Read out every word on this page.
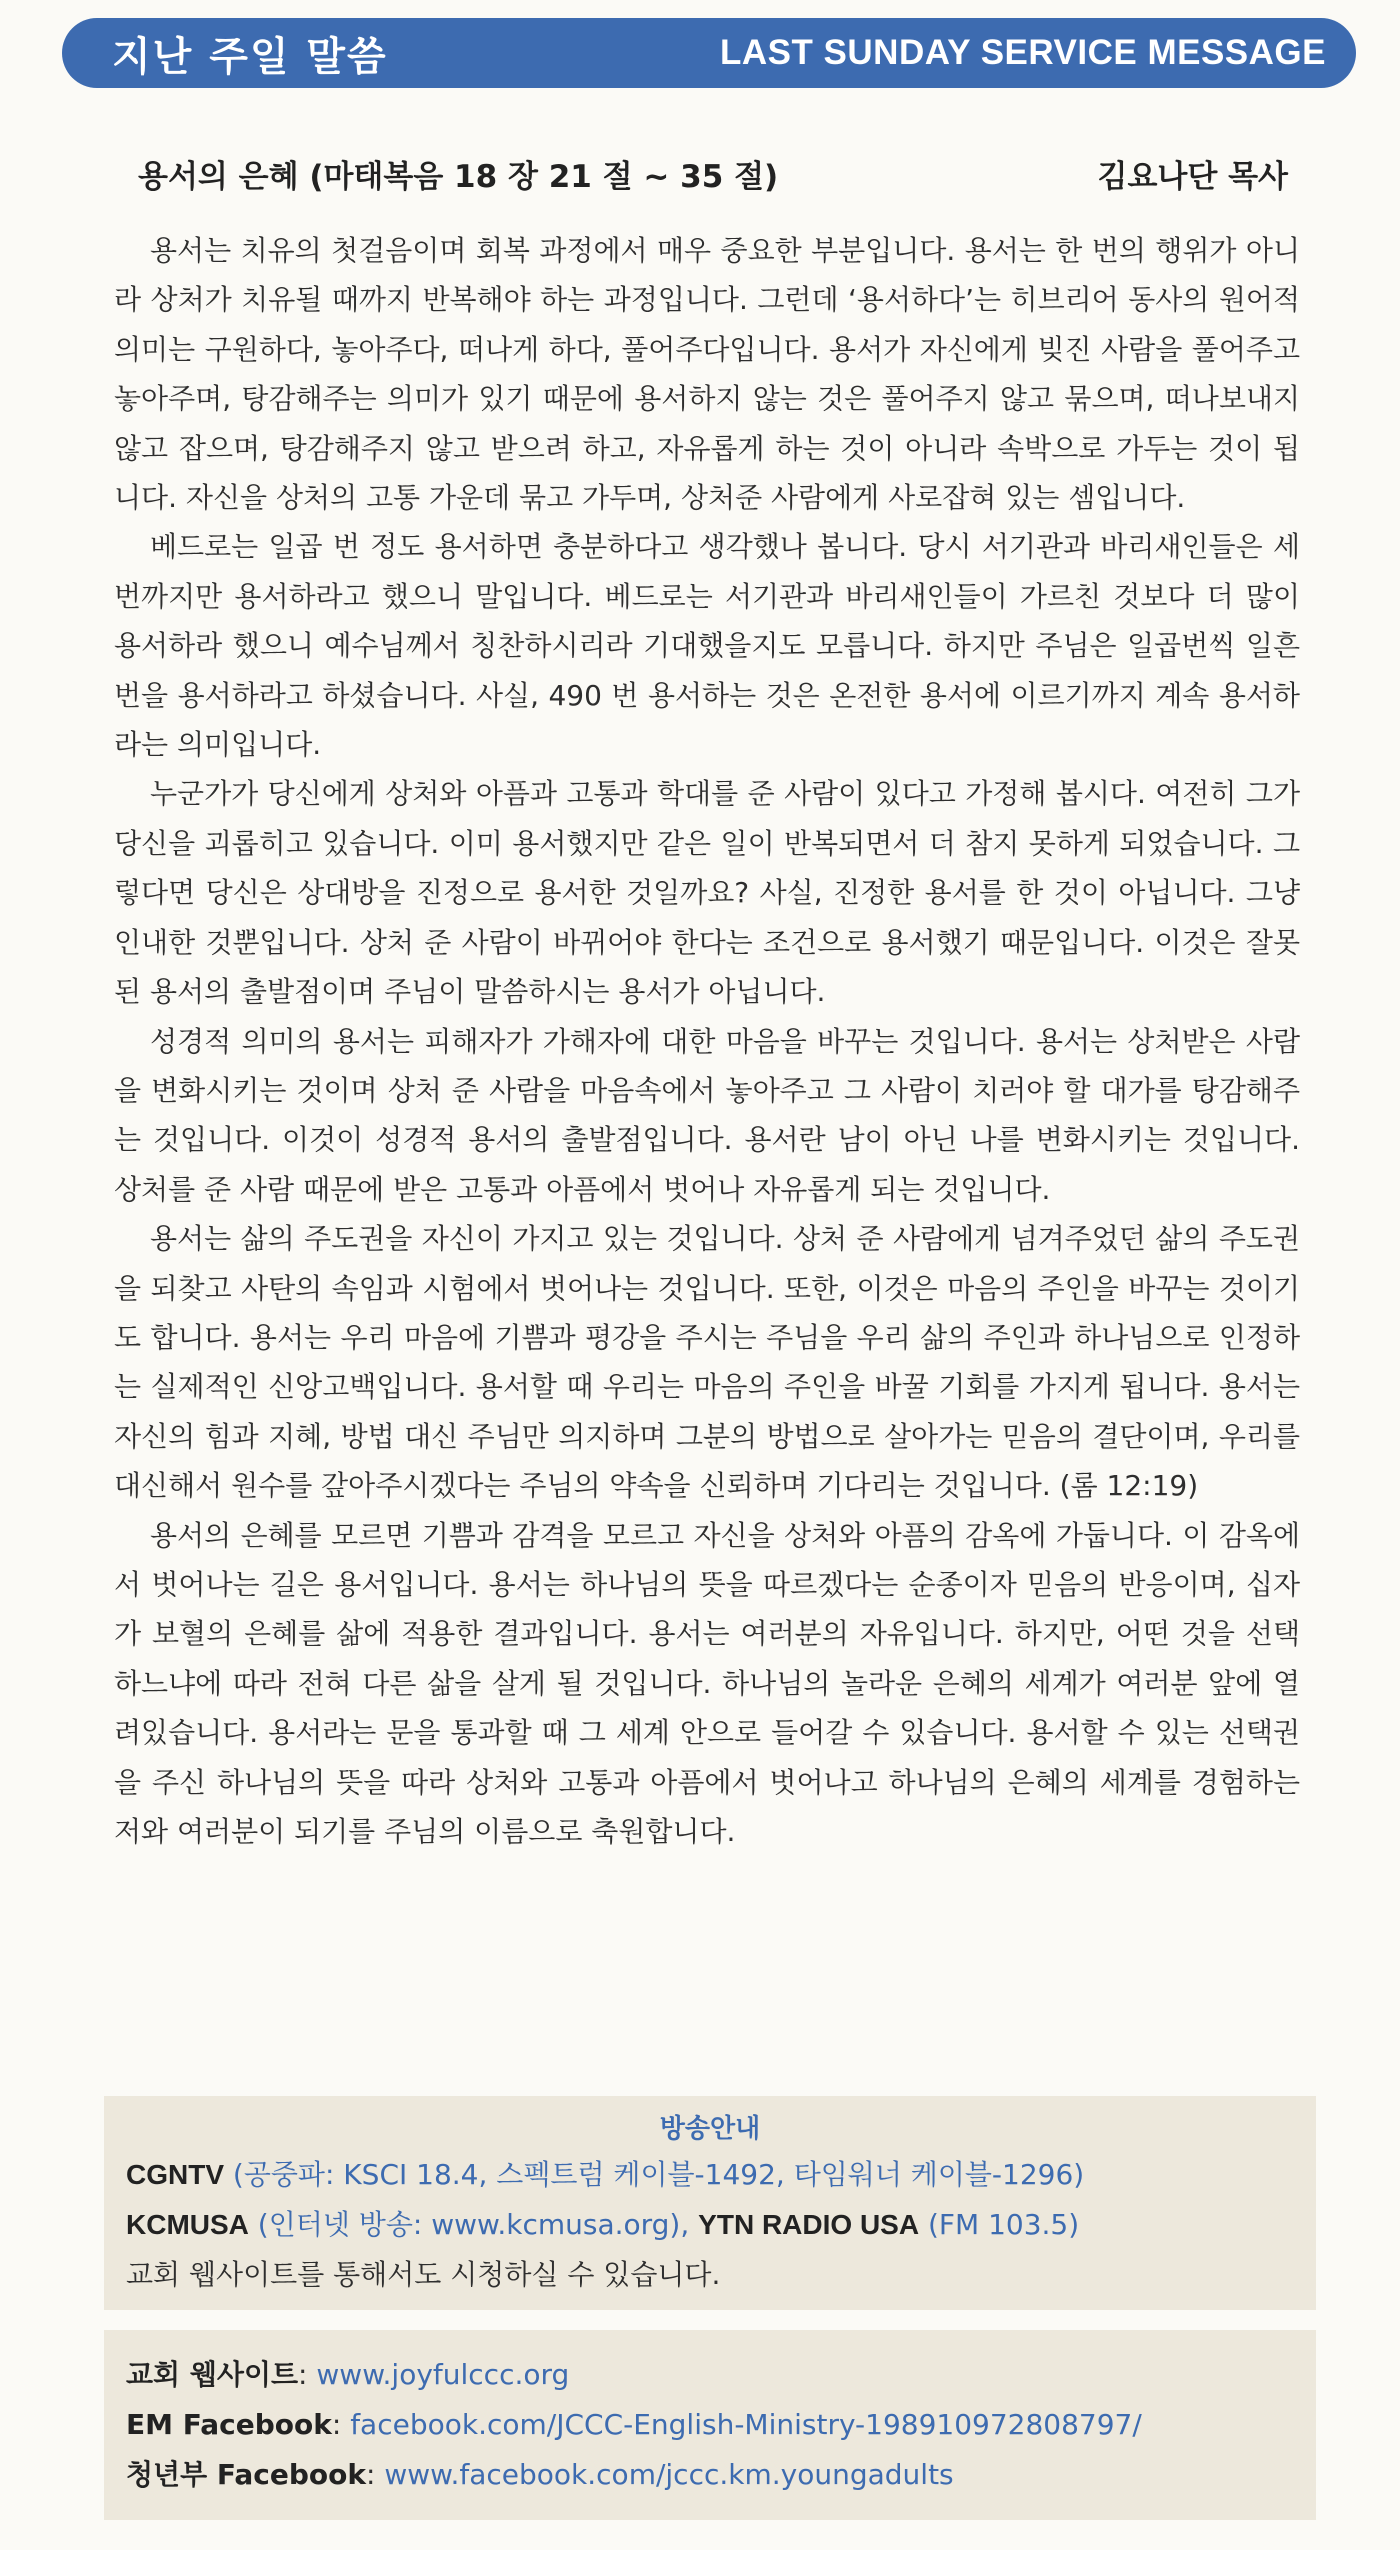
지난 주일 말씀	LAST SUNDAY SERVICE MESSAGE
용서의 은혜 (마태복음 18 장 21 절 ~ 35 절)	김요나단 목사

용서는 치유의 첫걸음이며 회복 과정에서 매우 중요한 부분입니다. 용서는 한 번의 행위가 아니라 상처가 치유될 때까지 반복해야 하는 과정입니다. 그런데 ‘용서하다’는 히브리어 동사의 원어적 의미는 구원하다, 놓아주다, 떠나게 하다, 풀어주다입니다. 용서가 자신에게 빚진 사람을 풀어주고 놓아주며, 탕감해주는 의미가 있기 때문에 용서하지 않는 것은 풀어주지 않고 묶으며, 떠나보내지 않고 잡으며, 탕감해주지 않고 받으려 하고, 자유롭게 하는 것이 아니라 속박으로 가두는 것이 됩니다. 자신을 상처의 고통 가운데 묶고 가두며, 상처준 사람에게 사로잡혀 있는 셈입니다.

베드로는 일곱 번 정도 용서하면 충분하다고 생각했나 봅니다. 당시 서기관과 바리새인들은 세 번까지만 용서하라고 했으니 말입니다. 베드로는 서기관과 바리새인들이 가르친 것보다 더 많이 용서하라 했으니 예수님께서 칭찬하시리라 기대했을지도 모릅니다. 하지만 주님은 일곱번씩 일흔 번을 용서하라고 하셨습니다. 사실, 490 번 용서하는 것은 온전한 용서에 이르기까지 계속 용서하라는 의미입니다.

누군가가 당신에게 상처와 아픔과 고통과 학대를 준 사람이 있다고 가정해 봅시다. 여전히 그가 당신을 괴롭히고 있습니다. 이미 용서했지만 같은 일이 반복되면서 더 참지 못하게 되었습니다. 그렇다면 당신은 상대방을 진정으로 용서한 것일까요? 사실, 진정한 용서를 한 것이 아닙니다. 그냥 인내한 것뿐입니다. 상처 준 사람이 바뀌어야 한다는 조건으로 용서했기 때문입니다. 이것은 잘못된 용서의 출발점이며 주님이 말씀하시는 용서가 아닙니다.

성경적 의미의 용서는 피해자가 가해자에 대한 마음을 바꾸는 것입니다. 용서는 상처받은 사람을 변화시키는 것이며 상처 준 사람을 마음속에서 놓아주고 그 사람이 치러야 할 대가를 탕감해주는 것입니다. 이것이 성경적 용서의 출발점입니다. 용서란 남이 아닌 나를 변화시키는 것입니다. 상처를 준 사람 때문에 받은 고통과 아픔에서 벗어나 자유롭게 되는 것입니다.

용서는 삶의 주도권을 자신이 가지고 있는 것입니다. 상처 준 사람에게 넘겨주었던 삶의 주도권을 되찾고 사탄의 속임과 시험에서 벗어나는 것입니다. 또한, 이것은 마음의 주인을 바꾸는 것이기도 합니다. 용서는 우리 마음에 기쁨과 평강을 주시는 주님을 우리 삶의 주인과 하나님으로 인정하는 실제적인 신앙고백입니다. 용서할 때 우리는 마음의 주인을 바꿀 기회를 가지게 됩니다. 용서는 자신의 힘과 지혜, 방법 대신 주님만 의지하며 그분의 방법으로 살아가는 믿음의 결단이며, 우리를 대신해서 원수를 갚아주시겠다는 주님의 약속을 신뢰하며 기다리는 것입니다. (롬 12:19)

용서의 은혜를 모르면 기쁨과 감격을 모르고 자신을 상처와 아픔의 감옥에 가둡니다. 이 감옥에서 벗어나는 길은 용서입니다. 용서는 하나님의 뜻을 따르겠다는 순종이자 믿음의 반응이며, 십자가 보혈의 은혜를 삶에 적용한 결과입니다. 용서는 여러분의 자유입니다. 하지만, 어떤 것을 선택하느냐에 따라 전혀 다른 삶을 살게 될 것입니다. 하나님의 놀라운 은혜의 세계가 여러분 앞에 열려있습니다. 용서라는 문을 통과할 때 그 세계 안으로 들어갈 수 있습니다. 용서할 수 있는 선택권을 주신 하나님의 뜻을 따라 상처와 고통과 아픔에서 벗어나고 하나님의 은혜의 세계를 경험하는 저와 여러분이 되기를 주님의 이름으로 축원합니다.

방송안내
CGNTV (공중파: KSCI 18.4, 스펙트럼 케이블-1492, 타임워너 케이블-1296)
KCMUSA (인터넷 방송: www.kcmusa.org), YTN RADIO USA (FM 103.5)
교회 웹사이트를 통해서도 시청하실 수 있습니다.
교회 웹사이트: www.joyfulccc.org
EM Facebook: facebook.com/JCCC-English-Ministry-198910972808797/
청년부 Facebook: www.facebook.com/jccc.km.youngadults
